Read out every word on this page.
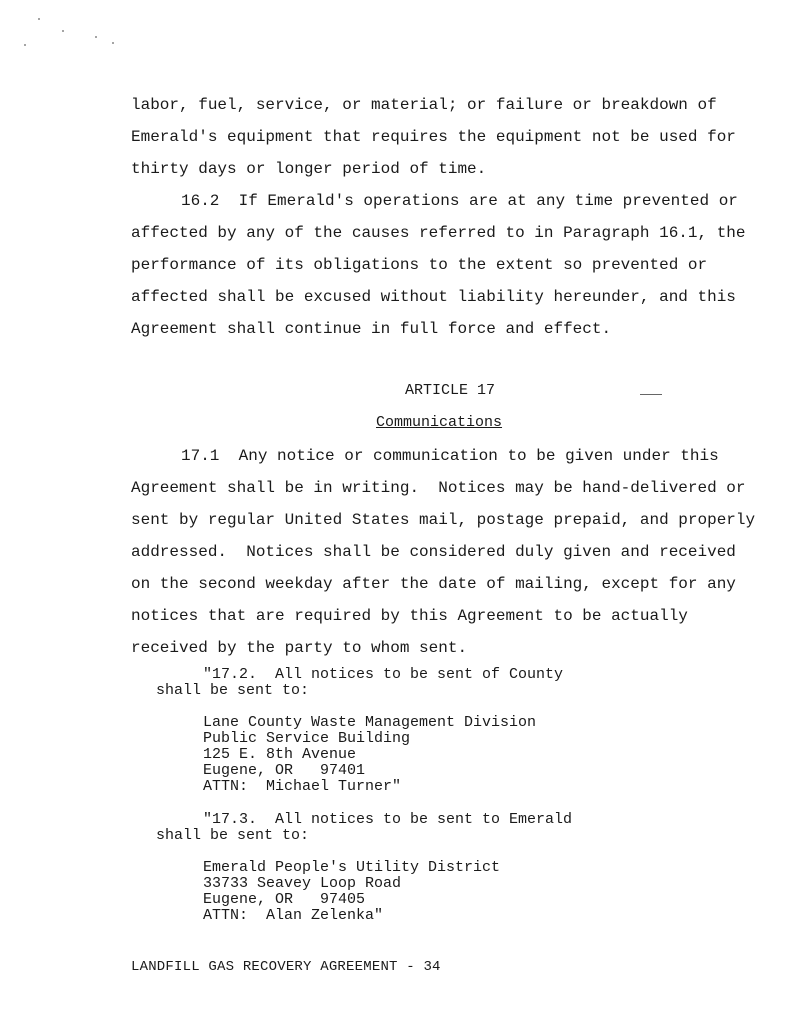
labor, fuel, service, or material; or failure or breakdown of
Emerald's equipment that requires the equipment not be used for
thirty days or longer period of time.
16.2  If Emerald's operations are at any time prevented or
affected by any of the causes referred to in Paragraph 16.1, the
performance of its obligations to the extent so prevented or
affected shall be excused without liability hereunder, and this
Agreement shall continue in full force and effect.
ARTICLE 17
Communications
17.1  Any notice or communication to be given under this
Agreement shall be in writing.  Notices may be hand-delivered or
sent by regular United States mail, postage prepaid, and properly
addressed.  Notices shall be considered duly given and received
on the second weekday after the date of mailing, except for any
notices that are required by this Agreement to be actually
received by the party to whom sent.
"17.2.  All notices to be sent of County
shall be sent to:
Lane County Waste Management Division
Public Service Building
125 E. 8th Avenue
Eugene, OR   97401
ATTN:  Michael Turner"
"17.3.  All notices to be sent to Emerald
shall be sent to:
Emerald People's Utility District
33733 Seavey Loop Road
Eugene, OR   97405
ATTN:  Alan Zelenka"
LANDFILL GAS RECOVERY AGREEMENT - 34
